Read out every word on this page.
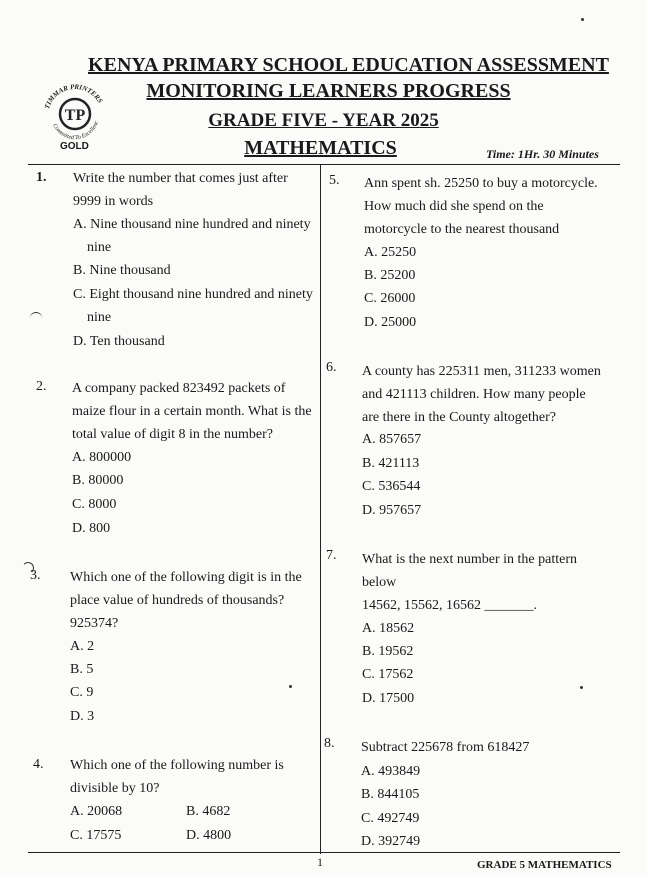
KENYA PRIMARY SCHOOL EDUCATION ASSESSMENT
MONITORING LEARNERS PROGRESS
GRADE FIVE - YEAR 2025
MATHEMATICS	Time: 1Hr. 30 Minutes
TIMMAR PRINTERS
TP
Committed To Excellenc
GOLD
1. Write the number that comes just after
9999 in words
A. Nine thousand nine hundred and ninety
nine
B. Nine thousand
C. Eight thousand nine hundred and ninety
nine
D. Ten thousand
2. A company packed 823492 packets of
maize flour in a certain month. What is the
total value of digit 8 in the number?
A. 800000
B. 80000
C. 8000
D. 800
3. Which one of the following digit is in the
place value of hundreds of thousands?
925374?
A. 2
B. 5
C. 9
D. 3
4. Which one of the following number is
divisible by 10?
A. 20068	B. 4682
C. 17575	D. 4800
5. Ann spent sh. 25250 to buy a motorcycle.
How much did she spend on the
motorcycle to the nearest thousand
A. 25250
B. 25200
C. 26000
D. 25000
6. A county has 225311 men, 311233 women
and 421113 children. How many people
are there in the County altogether?
A. 857657
B. 421113
C. 536544
D. 957657
7. What is the next number in the pattern
below
14562, 15562, 16562 _______.
A. 18562
B. 19562
C. 17562
D. 17500
8. Subtract 225678 from 618427
A. 493849
B. 844105
C. 492749
D. 392749
1	GRADE 5 MATHEMATICS
